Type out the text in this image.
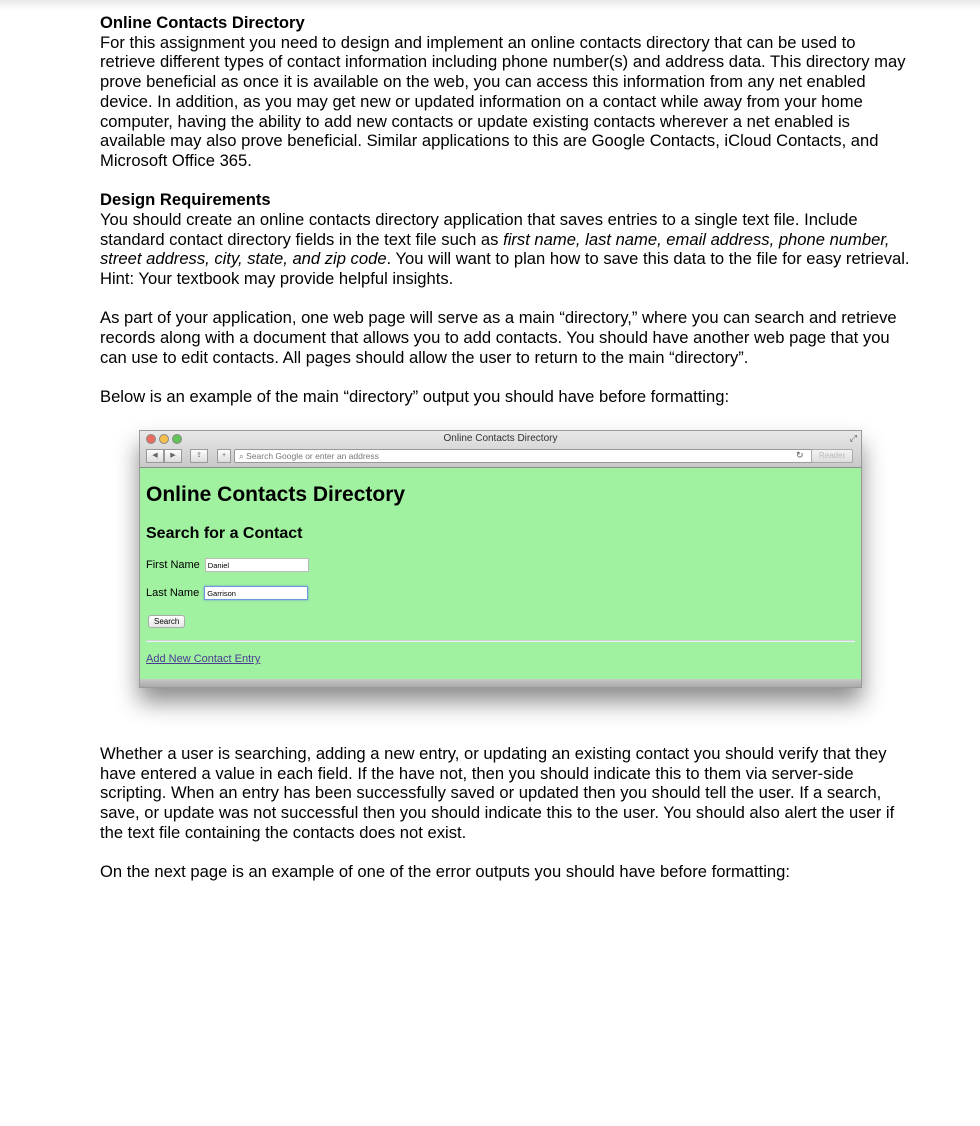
Online Contacts Directory

For this assignment you need to design and implement an online contacts directory that can be used to retrieve different types of contact information including phone number(s) and address data. This directory may prove beneficial as once it is available on the web, you can access this information from any net enabled device. In addition, as you may get new or updated information on a contact while away from your home computer, having the ability to add new contacts or update existing contacts wherever a net enabled is available may also prove beneficial. Similar applications to this are Google Contacts, iCloud Contacts, and Microsoft Office 365.

Design Requirements

You should create an online contacts directory application that saves entries to a single text file. Include standard contact directory fields in the text file such as first name, last name, email address, phone number, street address, city, state, and zip code. You will want to plan how to save this data to the file for easy retrieval. Hint: Your textbook may provide helpful insights.

As part of your application, one web page will serve as a main “directory,” where you can search and retrieve records along with a document that allows you to add contacts. You should have another web page that you can use to edit contacts. All pages should allow the user to return to the main “directory”.

Below is an example of the main “directory” output you should have before formatting:

Online Contacts Directory	⤢
◀	▶	⇪	+	⌕ Search Google or enter an address	↻	Reader
Online Contacts Directory
Search for a Contact
First Name
Daniel
Last Name
Garrison
Search
Add New Contact Entry

Whether a user is searching, adding a new entry, or updating an existing contact you should verify that they have entered a value in each field. If the have not, then you should indicate this to them via server-side scripting. When an entry has been successfully saved or updated then you should tell the user. If a search, save, or update was not successful then you should indicate this to the user. You should also alert the user if the text file containing the contacts does not exist.

On the next page is an example of one of the error outputs you should have before formatting:
